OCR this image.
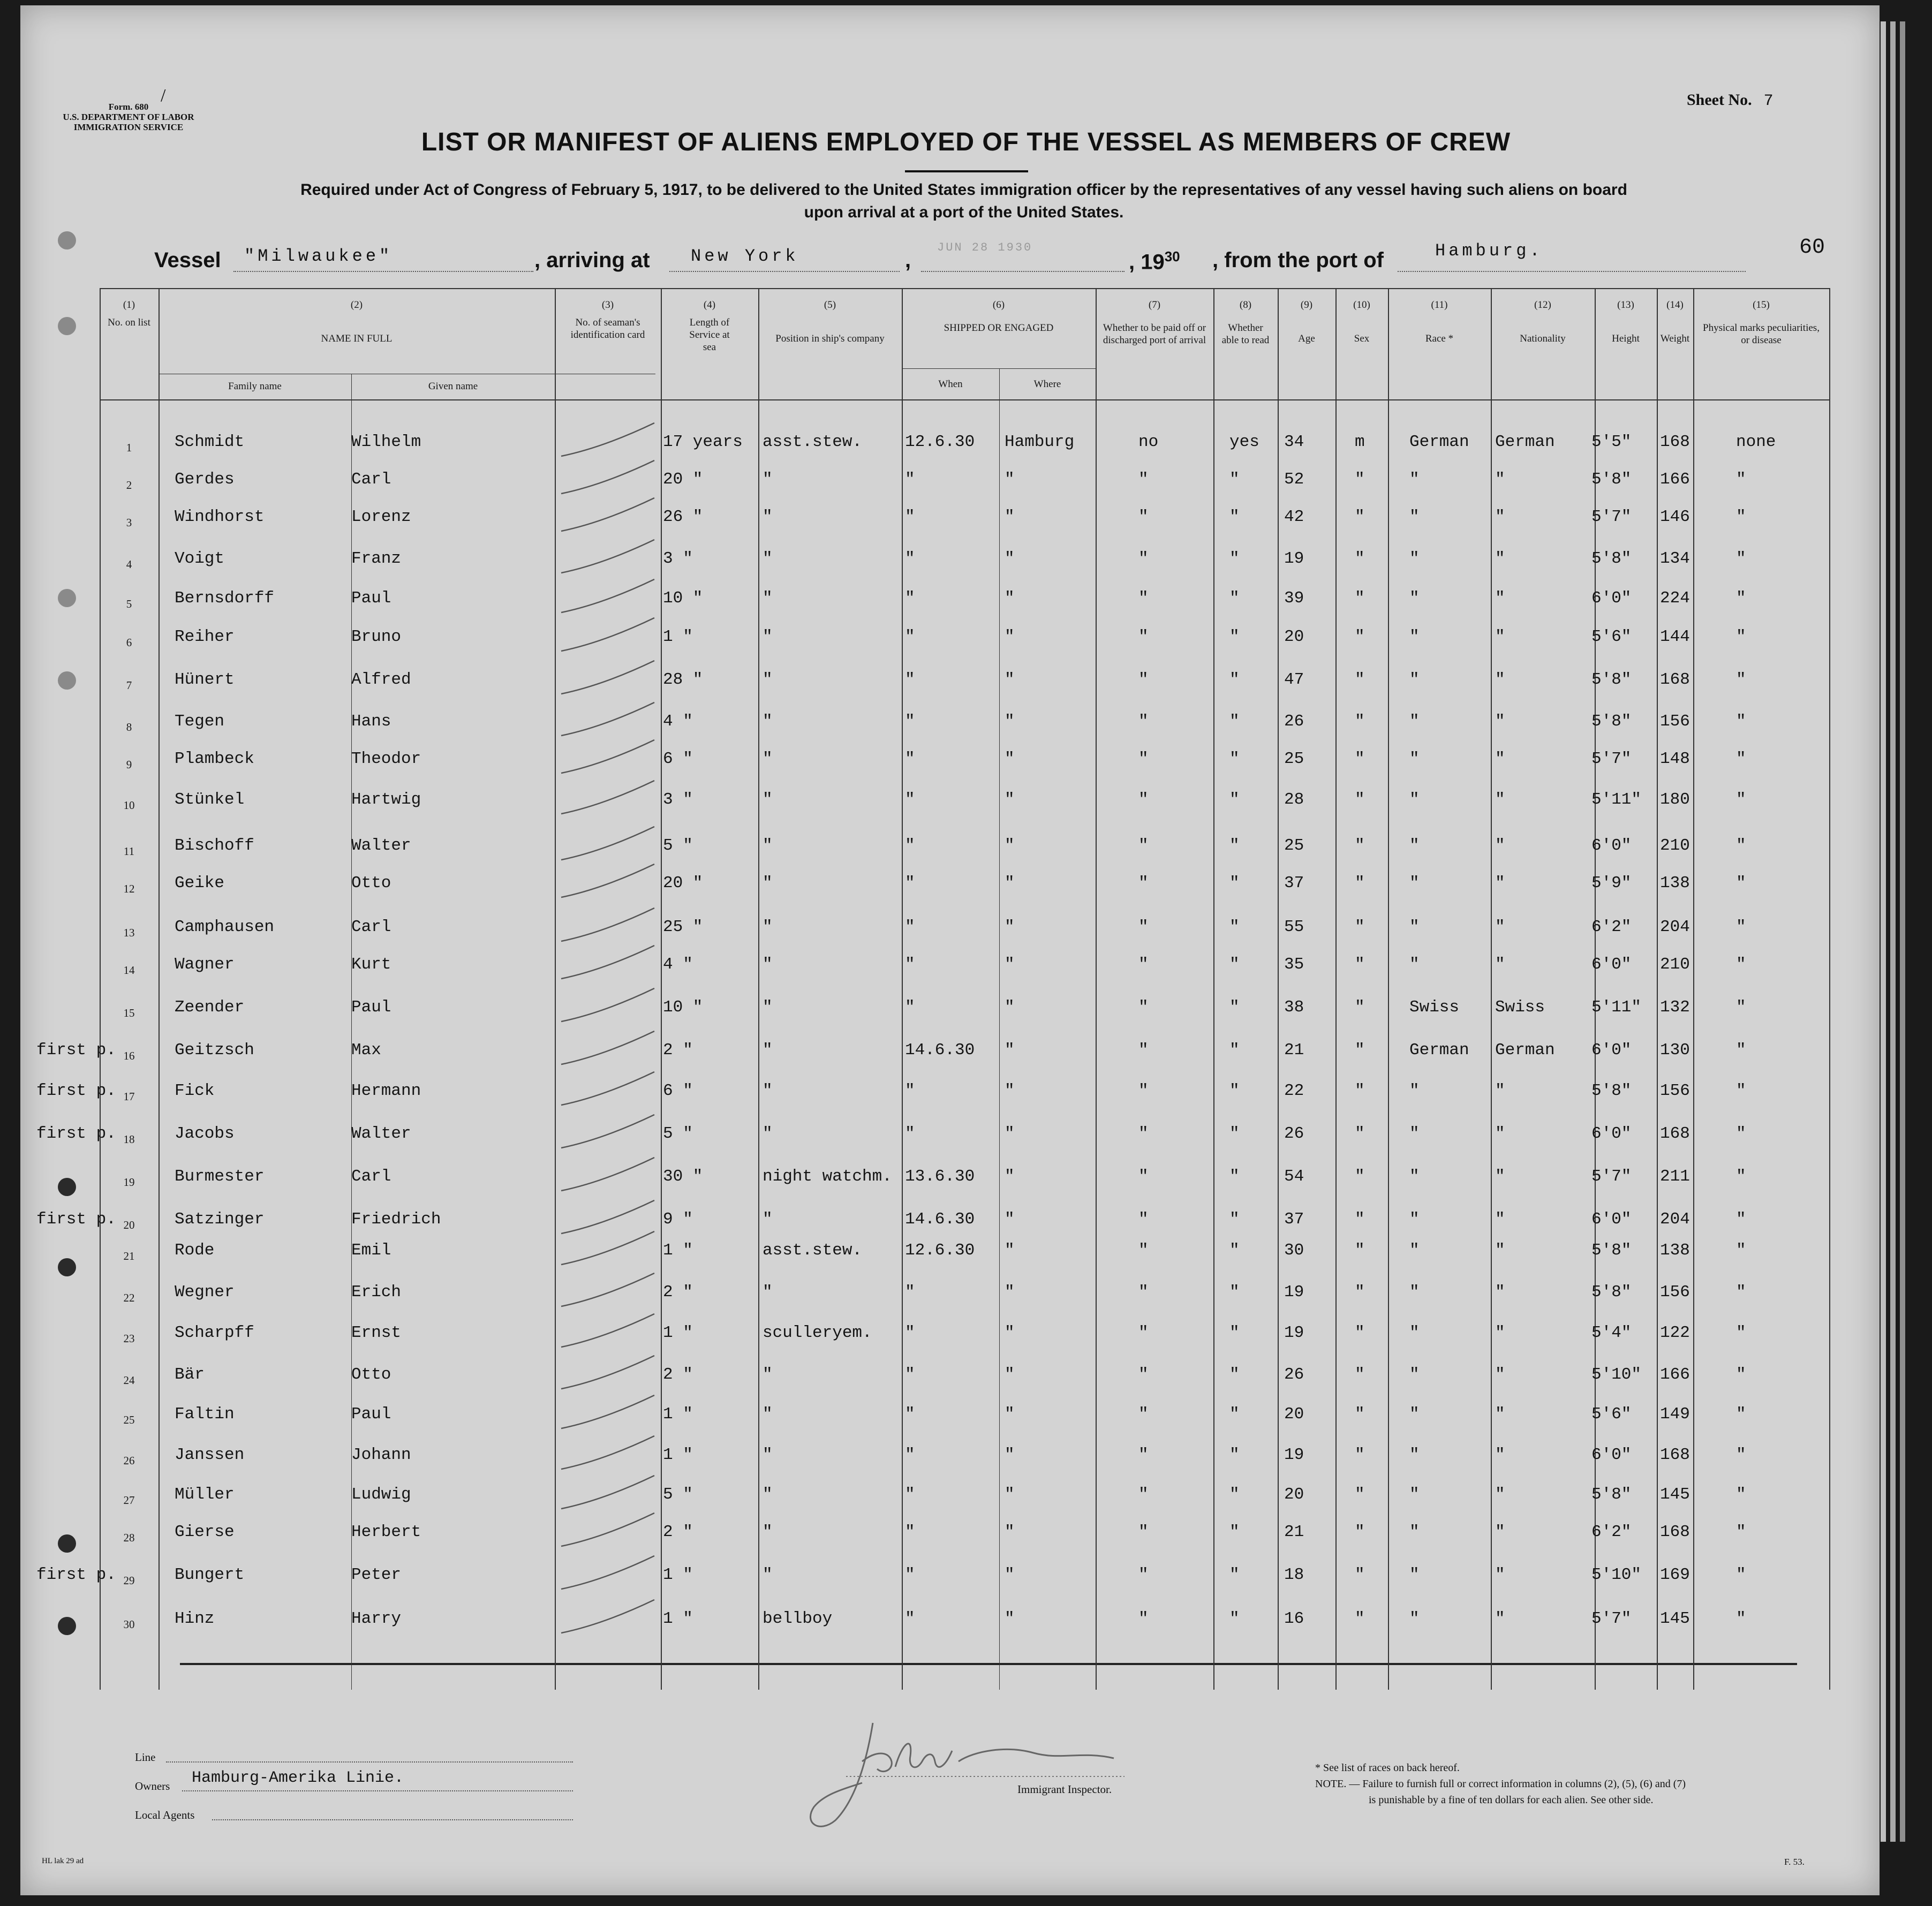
/
Form. 680
U.S. DEPARTMENT OF LABOR
IMMIGRATION SERVICE
Sheet No. 7
LIST OR MANIFEST OF ALIENS EMPLOYED OF THE VESSEL AS MEMBERS OF CREW
Required under Act of Congress of February 5, 1917, to be delivered to the United States immigration officer by the representatives of any vessel having such aliens on board
upon arrival at a port of the United States.
Vessel "Milwaukee"	, arriving at New York	,
JUN 28 1930
, $19^{30}$ , from the port of	Hamburg.	60
(1)
No. on list
(2)
NAME IN FULL
Family name	Given name
(3)
No. of seaman's identification card
(4)
Length of Service at sea
(5)
Position in ship's company
(6)
SHIPPED OR ENGAGED
When	Where
(7)
Whether to be paid off or discharged port of arrival
(8)
Whether able to read
(9)
Age
(10)
Sex
(11)
Race *
(12)
Nationality
(13)
Height
(14)
Weight
(15)
Physical marks peculiarities, or disease
1	Schmidt	Wilhelm	17 years asst.stew.	12.6.30 Hamburg	no	yes 34	m	German German 5'5" 168	none
2	Gerdes	Carl	20 "	"	"	"	"	"	52	"	"	"	5'8" 166	"
3	Windhorst	Lorenz	26 "	"	"	"	"	"	42	"	"	"	5'7" 146	"
4	Voigt	Franz	3 "	"	"	"	"	"	19	"	"	"	5'8" 134	"
5	Bernsdorff	Paul	10 "	"	"	"	"	"	39	"	"	"	6'0" 224	"
6	Reiher	Bruno	1 "	"	"	"	"	"	20	"	"	"	5'6" 144	"
7	Hünert	Alfred	28 "	"	"	"	"	"	47	"	"	"	5'8" 168	"
8	Tegen	Hans	4 "	"	"	"	"	"	26	"	"	"	5'8" 156	"
9	Plambeck	Theodor	6 "	"	"	"	"	"	25	"	"	"	5'7" 148	"
10	Stünkel	Hartwig	3 "	"	"	"	"	"	28	"	"	"	5'11" 180	"
11	Bischoff	Walter	5 "	"	"	"	"	"	25	"	"	"	6'0" 210	"
12	Geike	Otto	20 "	"	"	"	"	"	37	"	"	"	5'9" 138	"
13	Camphausen	Carl	25 "	"	"	"	"	"	55	"	"	"	6'2" 204	"
14	Wagner	Kurt	4 "	"	"	"	"	"	35	"	"	"	6'0" 210	"
15	Zeender	Paul	10 "	"	"	"	"	"	38	"	Swiss Swiss	5'11" 132	"
16	Geitzsch	Max	2 "	"	14.6.30 "	"	"	21	"	German German 6'0" 130	"
first p.
17	Fick	Hermann	6 "	"	"	"	"	"	22	"	"	"	5'8" 156	"
first p.
18	Jacobs	Walter	5 "	"	"	"	"	"	26	"	"	"	6'0" 168	"
first p.
19	Burmester	Carl	30 "	night watchm. 13.6.30 "	"	"	54	"	"	"	5'7" 211	"
20	Satzinger	Friedrich	9 "	"	14.6.30 "	"	"	37	"	"	"	6'0" 204	"
first p.
21	Rode	Emil	1 "	asst.stew.	12.6.30 "	"	"	30	"	"	"	5'8" 138	"
22	Wegner	Erich	2 "	"	"	"	"	"	19	"	"	"	5'8" 156	"
23	Scharpff	Ernst	1 "	sculleryem. "	"	"	"	19	"	"	"	5'4" 122	"
24	Bär	Otto	2 "	"	"	"	"	"	26	"	"	"	5'10" 166	"
25	Faltin	Paul	1 "	"	"	"	"	"	20	"	"	"	5'6" 149	"
26	Janssen	Johann	1 "	"	"	"	"	"	19	"	"	"	6'0" 168	"
27	Müller	Ludwig	5 "	"	"	"	"	"	20	"	"	"	5'8" 145	"
28	Gierse	Herbert	2 "	"	"	"	"	"	21	"	"	"	6'2" 168	"
29	Bungert	Peter	1 "	"	"	"	"	"	18	"	"	"	5'10" 169	"
first p.
30	Hinz	Harry	1 "	bellboy	"	"	"	"	16	"	"	"	5'7" 145	"
Line
Owners Hamburg-Amerika Linie.
Local Agents
Immigrant Inspector.
* See list of races on back hereof.
NOTE. — Failure to furnish full or correct information in columns (2), (5), (6) and (7)
is punishable by a fine of ten dollars for each alien. See other side.
HL lak 29 ad	F. 53.
